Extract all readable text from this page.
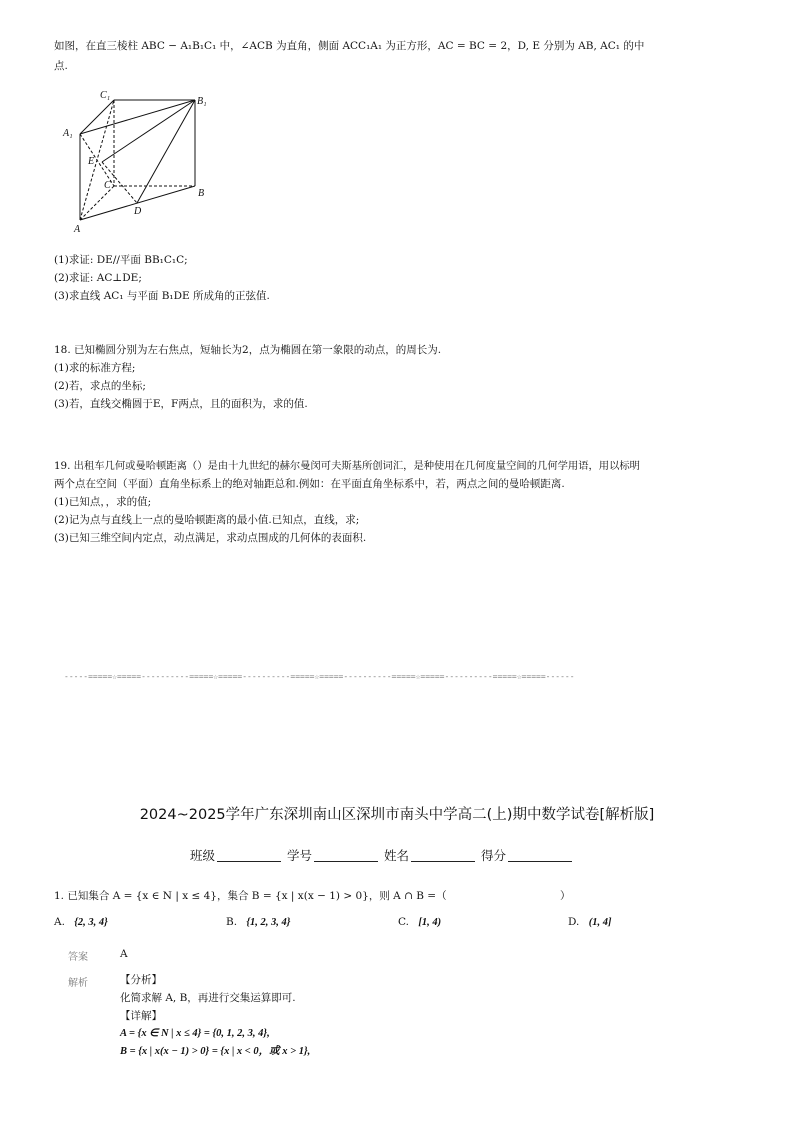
如图，在直三棱柱 ABC − A₁B₁C₁ 中，∠ACB 为直角，侧面 ACC₁A₁ 为正方形，AC = BC = 2，D, E 分别为 AB, AC₁ 的中
点.
C₁
B₁
A₁
E
C
B
D
A
(1)求证: DE//平面 BB₁C₁C;
(2)求证: AC⊥DE;
(3)求直线 AC₁ 与平面 B₁DE 所成角的正弦值.
18. 已知椭圆分别为左右焦点，短轴长为2，点为椭圆在第一象限的动点，的周长为.
(1)求的标准方程;
(2)若，求点的坐标;
(3)若，直线交椭圆于E，F两点，且的面积为，求的值.
19. 出租车几何或曼哈顿距离（）是由十九世纪的赫尔曼闵可夫斯基所创词汇，是种使用在几何度量空间的几何学用语，用以标明
两个点在空间（平面）直角坐标系上的绝对轴距总和.例如：在平面直角坐标系中，若，两点之间的曼哈顿距离.
(1)已知点，，求的值;
(2)记为点与直线上一点的曼哈顿距离的最小值.已知点，直线，求;
(3)已知三维空间内定点，动点满足，求动点围成的几何体的表面积.
-----=====☆=====----------=====☆=====----------=====☆=====----------=====☆=====----------=====☆=====------
2024~2025学年广东深圳南山区深圳市南头中学高二(上)期中数学试卷[解析版]
班级	学号	姓名	得分
1. 已知集合 A = {x ∈ N | x ≤ 4}，集合 B = {x | x(x − 1) > 0}，则 A ∩ B =（	）
A. {2, 3, 4}	B. {1, 2, 3, 4}	C. [1, 4)	D. (1, 4]
答案	A
解析	【分析】
化简求解 A, B，再进行交集运算即可.
【详解】
A = {x ∈ N | x ≤ 4} = {0, 1, 2, 3, 4},
B = {x | x(x − 1) > 0} = {x | x < 0，或 x > 1},
